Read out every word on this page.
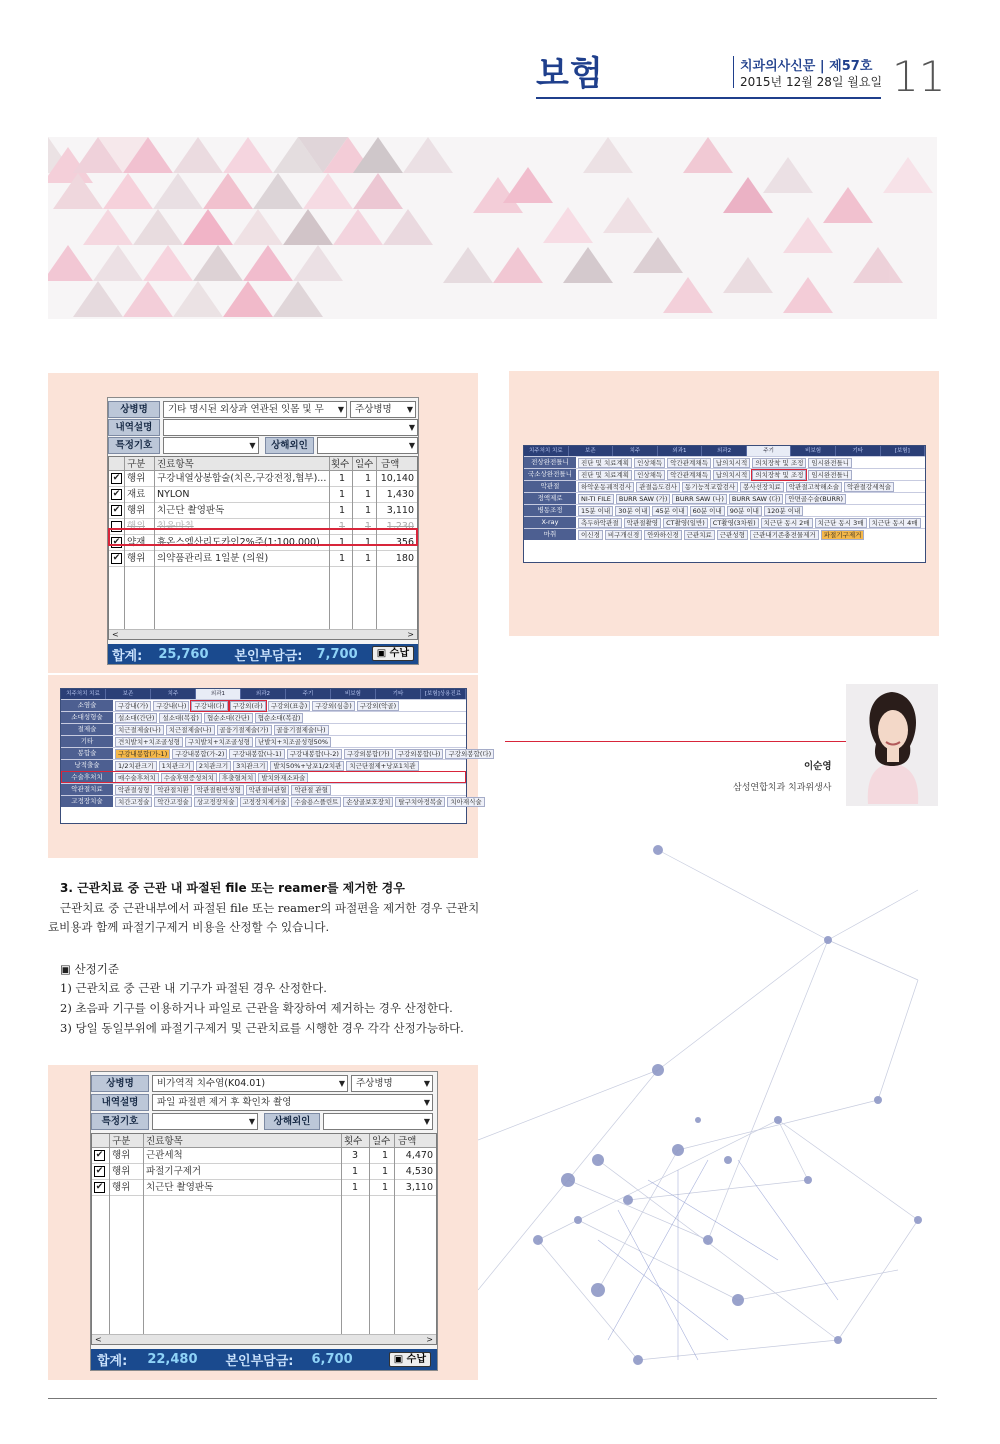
보험	치과의사신문 | 제57호
2015년 12월 28일 월요일 11
상병명	기타 명시된 외상과 연관된 잇몸 및 무 ▼	주상병명 ▼
내역설명	▼
특정기호	▼	상해외인	▼
구분 진료항목	횟수 일수 금액
✔ 행위 구강내열상봉합술(치은,구강전정,협부)... 1 1 10,140
✔ 재료 NYLON	1 1 1,430
✔ 행위 치근단 촬영판독	1 1 3,110
행위 침윤마취	1 1 1,230
✔ 약재 휴온스엠산리도카인2%주(1:100,000)	1 1	356
✔ 행위 의약품관리료 1일분 (의원)	1 1	180
<	>
합계: 25,760 본인부담금: 7,700	▣ 수납
치주처치 치료	보존	치주	외과1	외과2	주기	비보험	기타	[보험]
전상완전틀니	진단 및 치료계획	인상채득	악간관계채득	납의치시적	의치장착 및 조정	임시완전틀니
국소상완전틀니	진단 및 치료계획	인상채득	악간관계채득	납의치시적	의치장착 및 조정	임시완전틀니
악관절	하악운동궤적검사	관절음도검사	동기능적교합검사	봉사선장치료	악관절고착해소술	악관절강세척술
정액제로	NI-TI FILE	BURR SAW (가)	BURR SAW (나)	BURR SAW (다)	안면골수술(BURR)
병동조정	15분 이내	30분 이내	45분 이내	60분 이내	90분 이내	120분 이내
X-ray	측두하악관절	악관절촬영	CT촬영(일반)	CT촬영(3차원)	치근단 동시 2매	치근단 동시 3매	치근단 동시 4매
마취	이신경	비구개신경	안와하신경	근관치료	근관성형	근관내기존충전물제거	파절기구제거
치주처치 치료	보존	치주	외과1	외과2	주기	비보험	기타	[보험]상용진료
소염술	구강내(가)	구강내(나)	구강내(다)	구강외(라)	구강외(표층)	구강외(심층)	구강외(악골)
소대성형술	설소대(간단)	설소대(복잡)	협순소대(간단)	협순소대(복잡)
절제술	치근절제술(나)	치근절제술(나)	골융기절제술(가)	골융기절제술(나)
기타	견치발치+치조골성형	구치발치+치조골성형	난발치+치조골성형50%
봉합술	구강내봉합(가-1)	구강내봉합(가-2)	구강내봉합(나-1)	구강내봉합(나-2)	구강외봉합(가)	구강외봉합(나)	구강외봉합(다)
낭적출술	1/2치관크기	1치관크기	2치관크기	3치관크기	발치50%+낭포1/2치관	치근단절제+낭포1치관
수술후처치	매수술후처치	수술후염증성처치	후출혈처치	발치와재소파술
악관절치료	악관절성형	악관절치환	악관절원반성형	악관절비관혈	악관절 관혈
고정장치술	치간고정술	악간고정술	상고정장치술	고정장치제거술	수술용스플린트	손상골보호장치	탈구치아정복술	치아재식술
이순영
삼성연합치과 치과위생사
3. 근관치료 중 근관 내 파절된 file 또는 reamer를 제거한 경우
근관치료 중 근관내부에서 파절된 file 또는 reamer의 파절편을 제거한 경우 근관치
료비용과 함께 파절기구제거 비용을 산정할 수 있습니다.
▣ 산정기준
1) 근관치료 중 근관 내 기구가 파절된 경우 산정한다.
2) 초음파 기구를 이용하거나 파일로 근관을 확장하여 제거하는 경우 산정한다.
3) 당일 동일부위에 파절기구제거 및 근관치료를 시행한 경우 각각 산정가능하다.
상병명	비가역적 치수염(K04.01)	▼	주상병명	▼
내역설명	파일 파절편 제거 후 확인차 촬영	▼
특정기호	▼	상해외인	▼
구분 진료항목	횟수 일수 금액
✔ 행위 근관세척	3	1 4,470
✔ 행위 파절기구제거	1	1 4,530
✔ 행위 치근단 촬영판독	1	1 3,110
<	>
합계: 22,480 본인부담금: 6,700	▣ 수납
